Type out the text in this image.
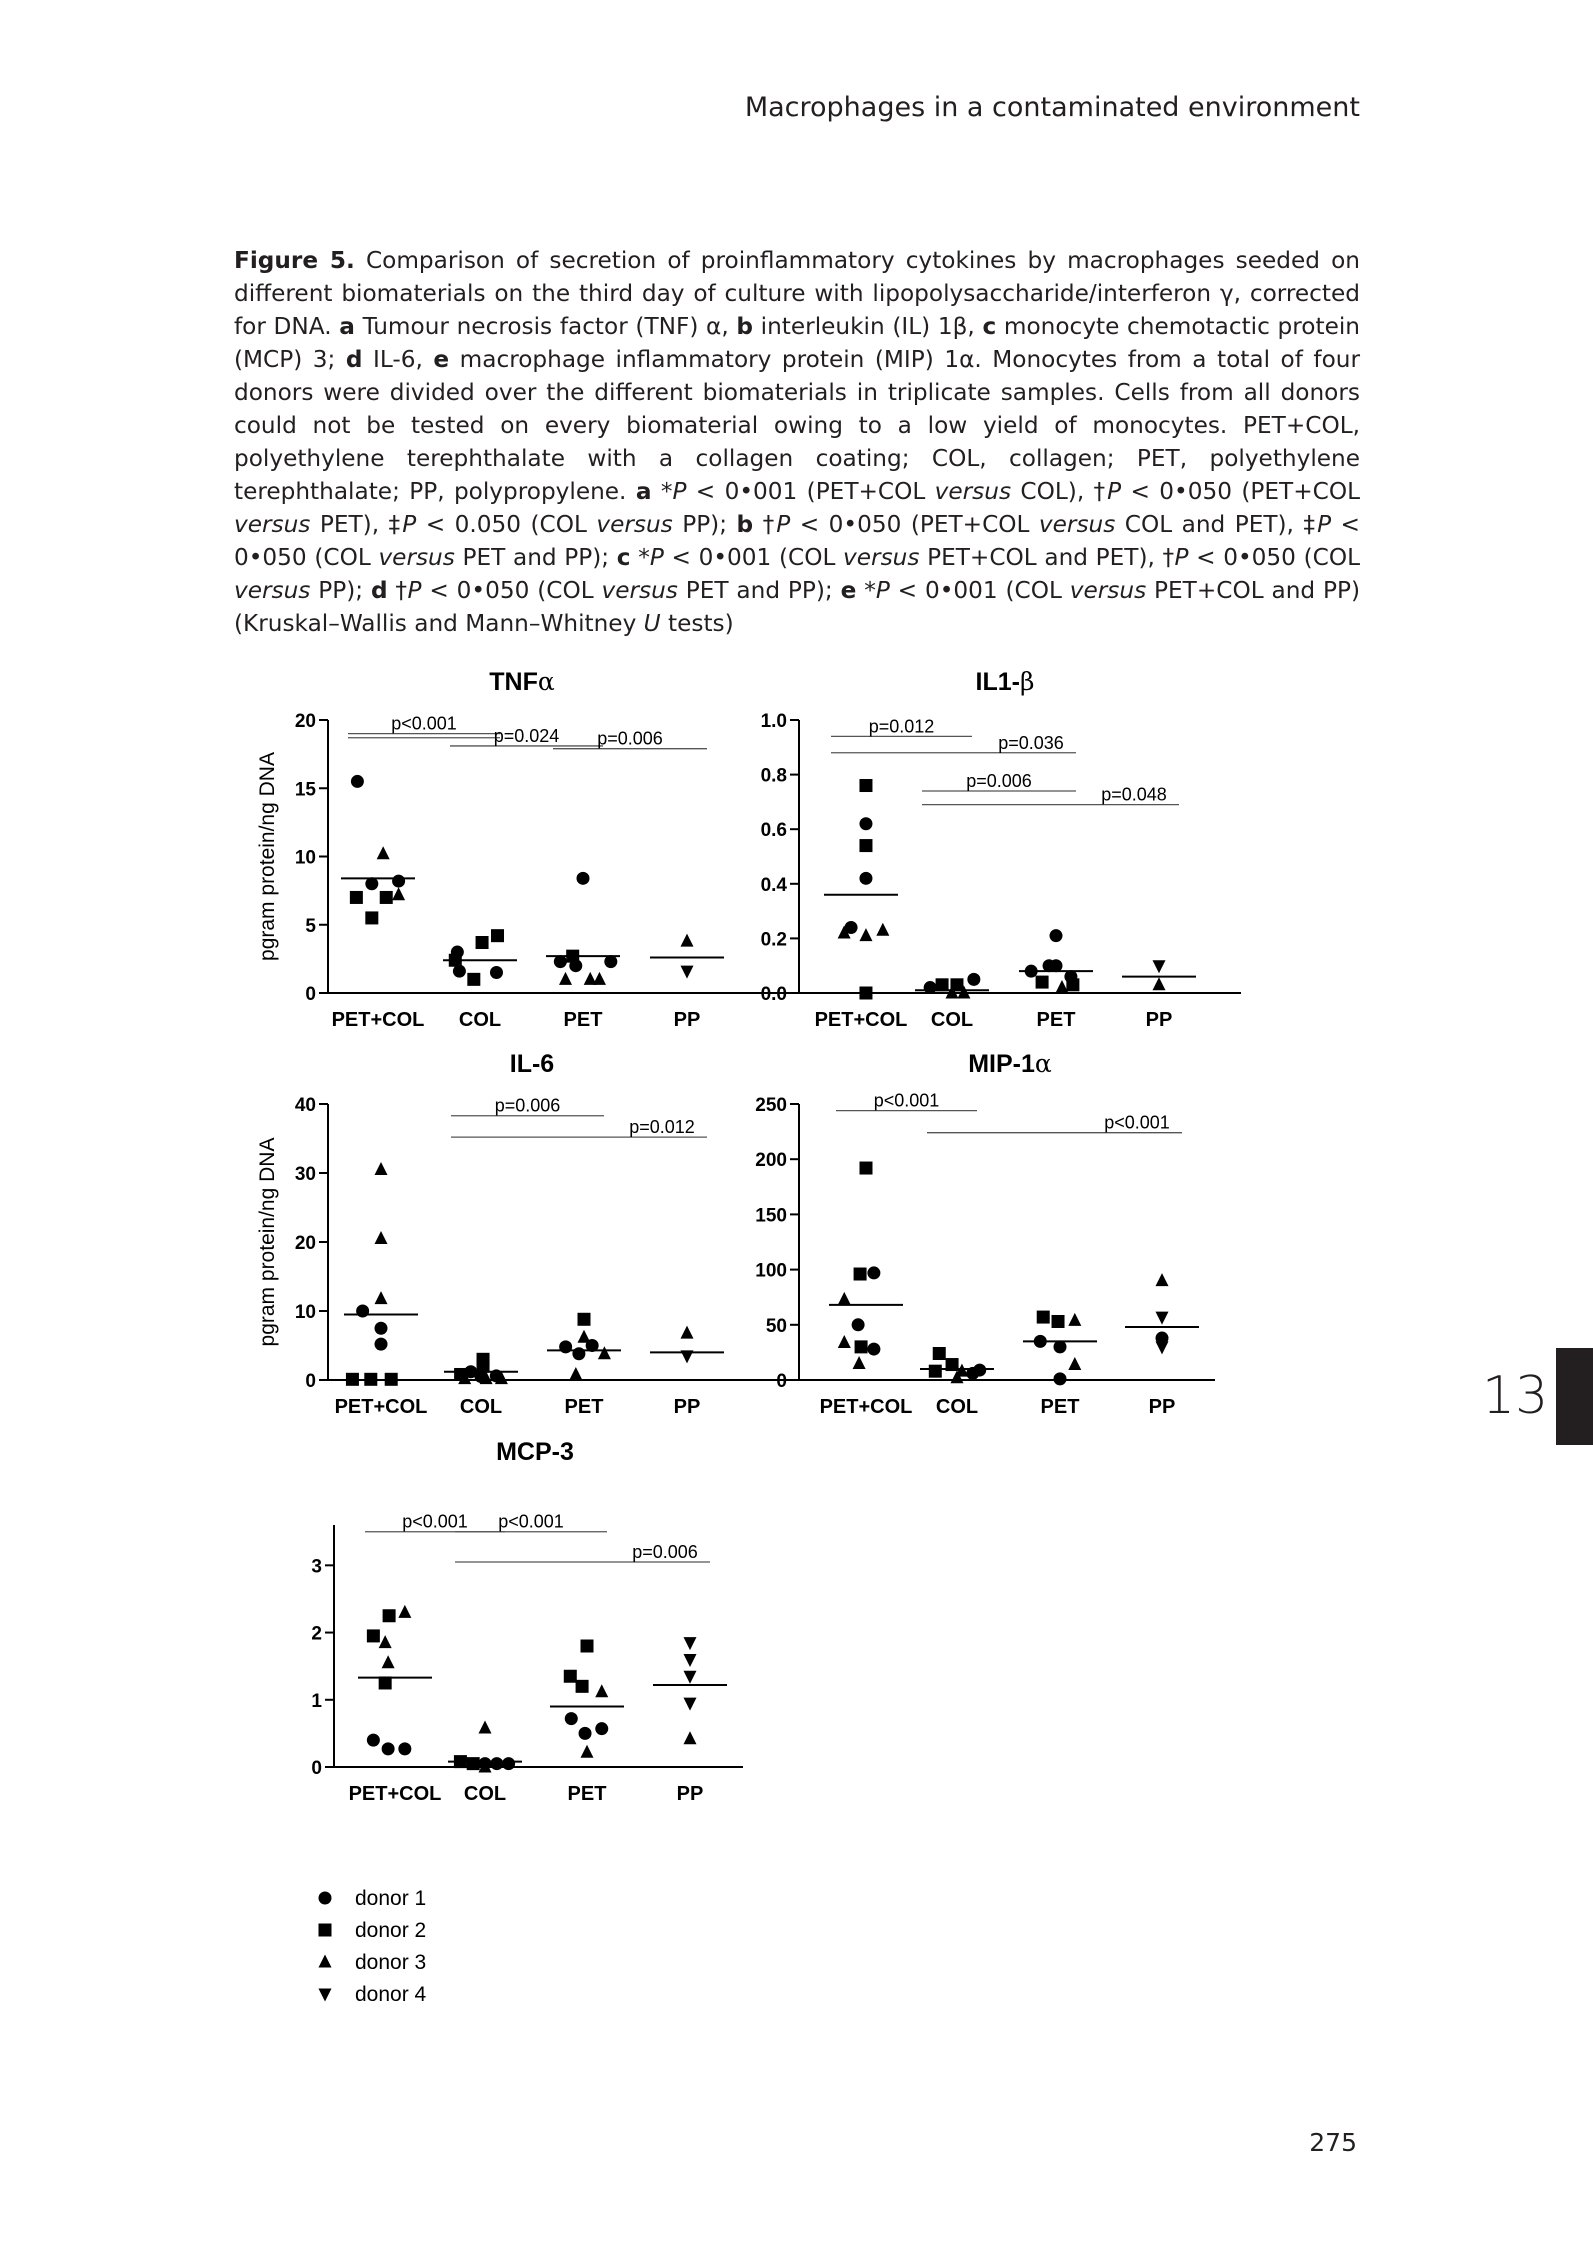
Macrophages in a contaminated environment
Figure 5. Comparison of secretion of proinflammatory cytokines by macrophages seeded on different biomaterials on the third day of culture with lipopolysaccharide/interferon γ, corrected for DNA. a Tumour necrosis factor (TNF) α, b interleukin (IL) 1β, c monocyte chemotactic protein (MCP) 3; d IL-6, e macrophage inflammatory protein (MIP) 1α. Monocytes from a total of four donors were divided over the different biomaterials in triplicate samples. Cells from all donors could not be tested on every biomaterial owing to a low yield of monocytes. PET+COL, polyethylene terephthalate with a collagen coating; COL, collagen; PET, polyethylene terephthalate; PP, polypropylene. a *P < 0•001 (PET+COL versus COL), †P < 0•050 (PET+COL versus PET), ‡P < 0.050 (COL versus PP); b †P < 0•050 (PET+COL versus COL and PET), ‡P < 0•050 (COL versus PET and PP); c *P < 0•001 (COL versus PET+COL and PET), †P < 0•050 (COL versus PP); d †P < 0•050 (COL versus PET and PP); e *P < 0•001 (COL versus PET+COL and PP) (Kruskal–Wallis and Mann–Whitney U tests)
TNFα
0
5
10
15
20
PET+COL COL	PET	PP
pgram protein/ng DNA
p<0.001
p=0.024 p=0.006
IL1-β
0.0
0.2
0.4
0.6
0.8
1.0
PET+COL COL	PET	PP
p=0.012
p=0.036
p=0.006
p=0.048
IL-6
0
10
20
30
40
PET+COL COL	PET	PP
pgram protein/ng DNA
p=0.006
p=0.012
MIP-1α
0
50
100
150
200
250
PET+COL COL	PET	PP
p<0.001
p<0.001
MCP-3
0
1
2
3
PET+COL COL	PET	PP
p<0.001 p<0.001
p=0.006
donor 1
donor 2
donor 3
donor 4
13
275
